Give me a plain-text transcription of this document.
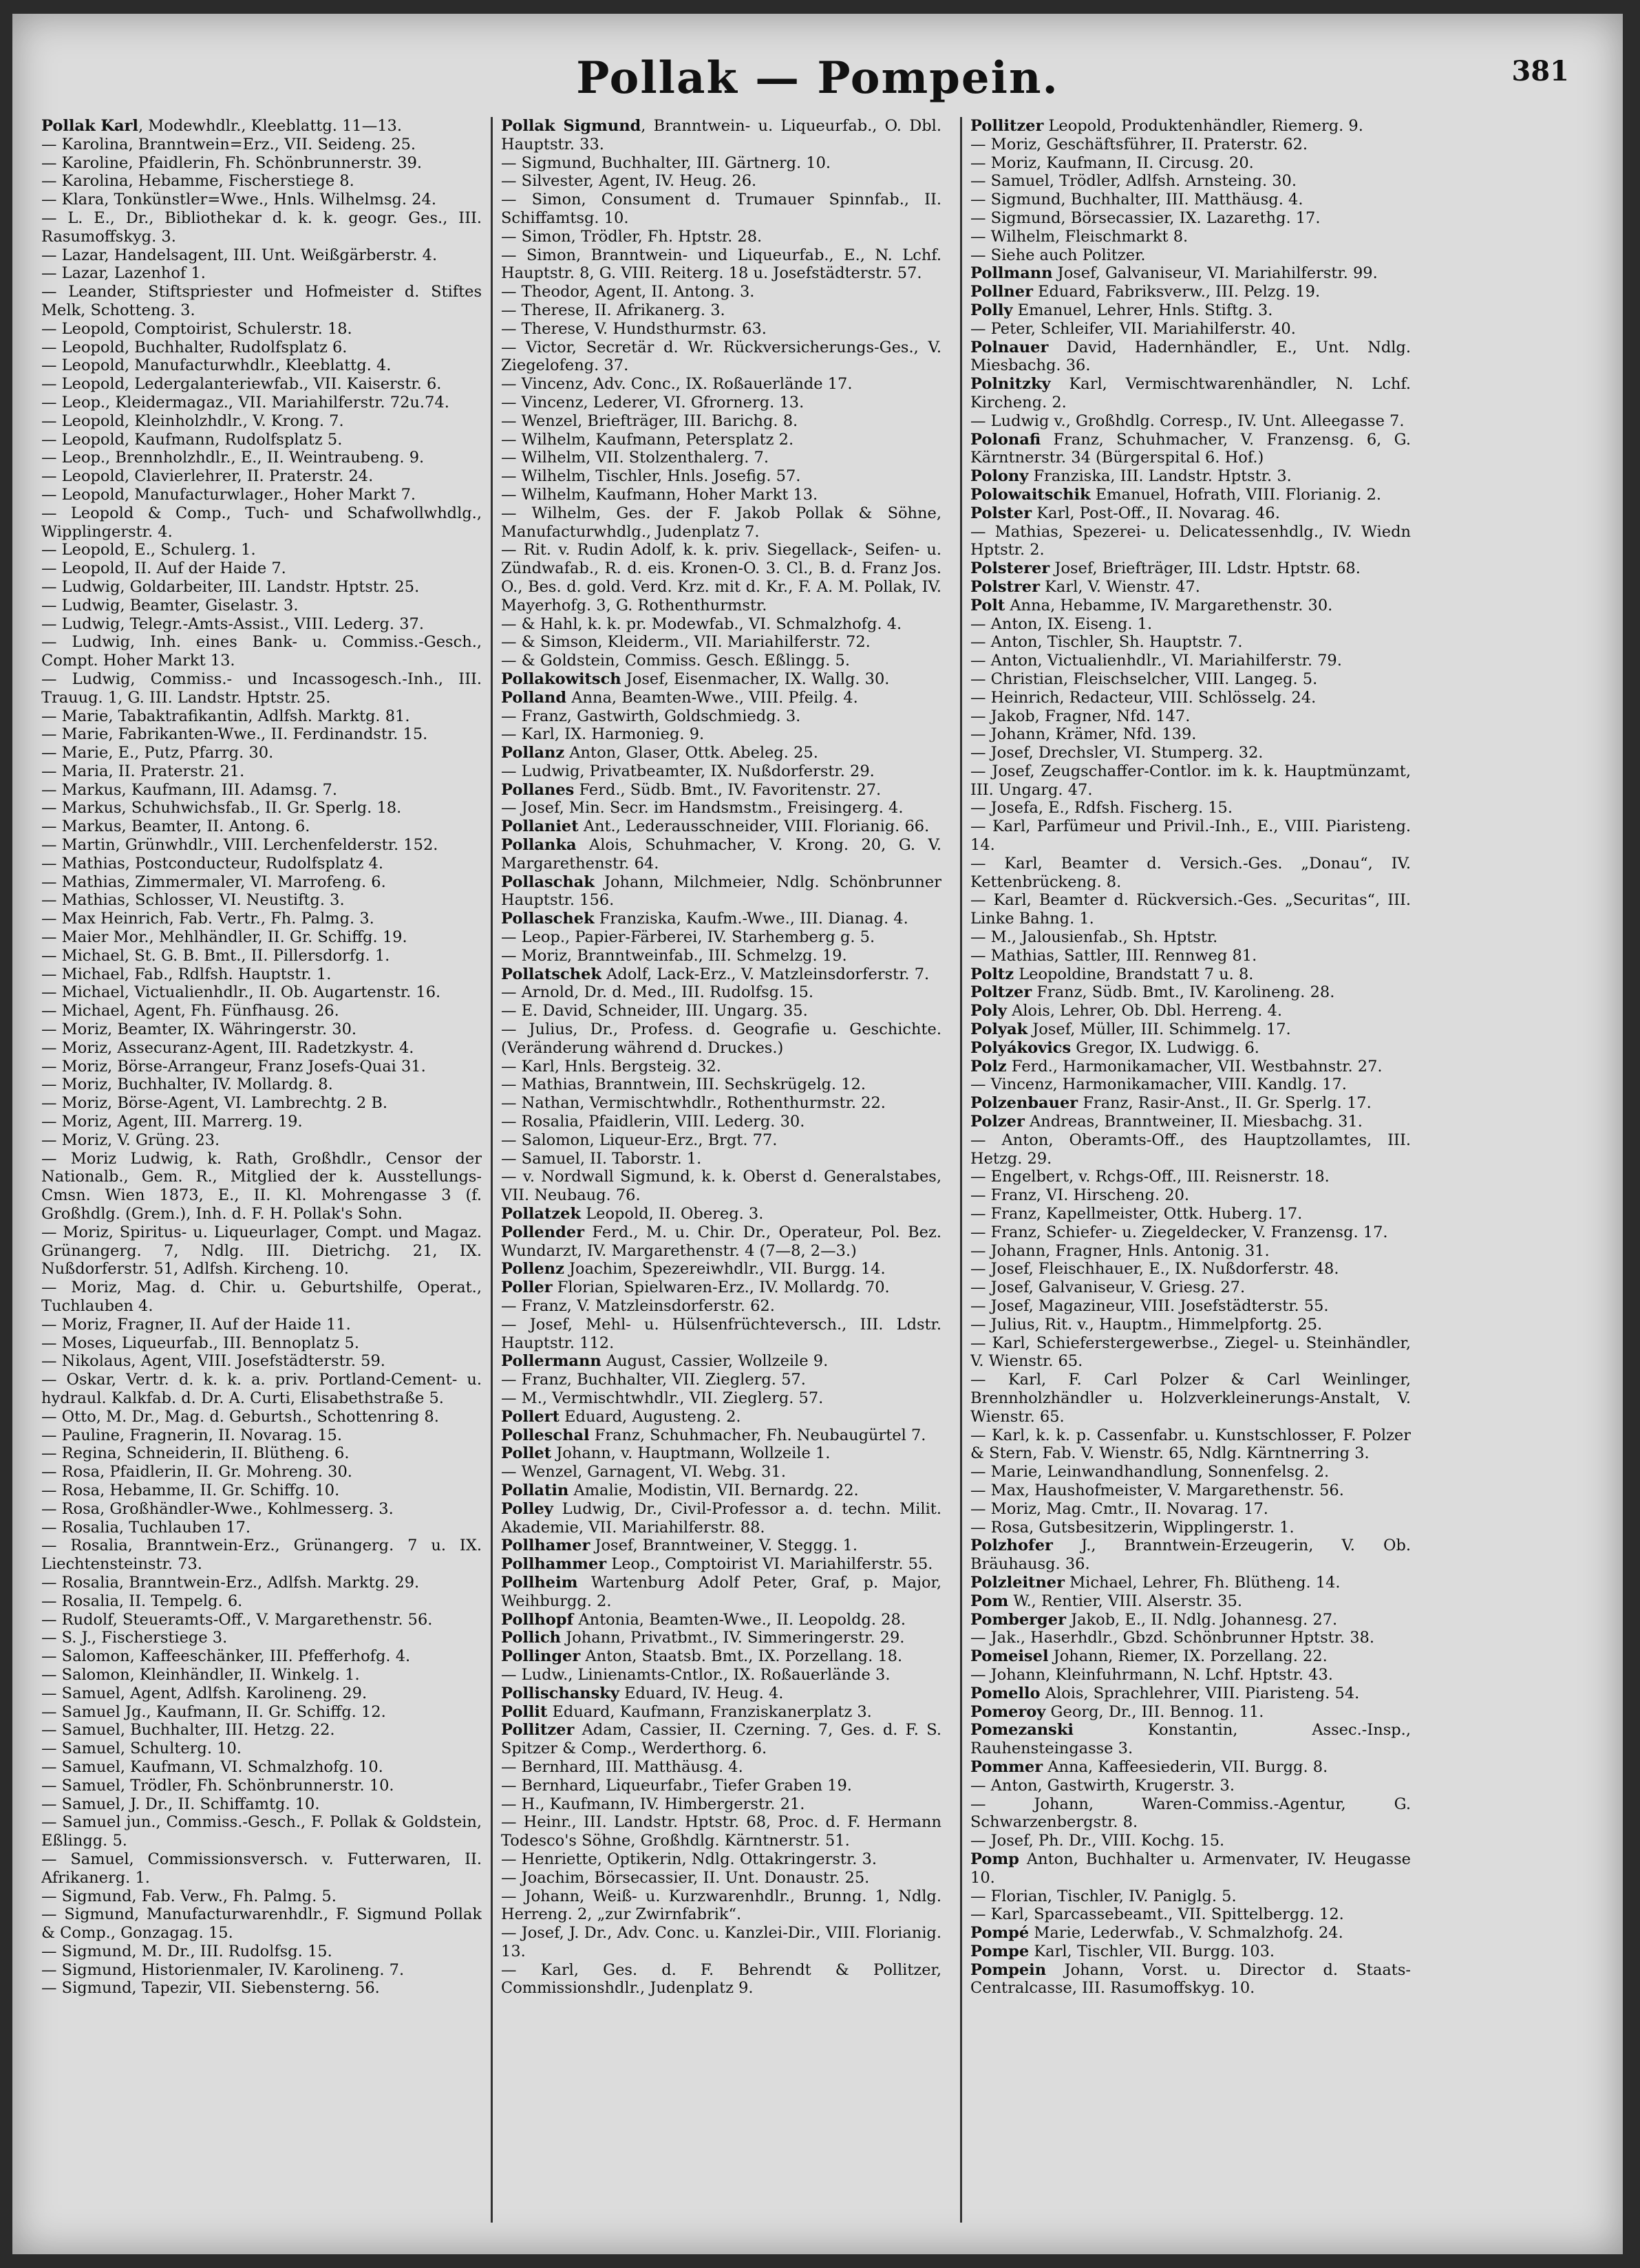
Pollak — Pompein.	381
Pollak Karl, Modewhdlr., Kleeblattg. 11—13.
— Karolina, Branntwein=Erz., VII. Seideng. 25.
— Karoline, Pfaidlerin, Fh. Schönbrunnerstr. 39.
— Karolina, Hebamme, Fischerstiege 8.
— Klara, Tonkünstler=Wwe., Hnls. Wilhelmsg. 24.
— L. E., Dr., Bibliothekar d. k. k. geogr. Ges., III. Rasumoffskyg. 3.
— Lazar, Handelsagent, III. Unt. Weißgärberstr. 4.
— Lazar, Lazenhof 1.
— Leander, Stiftspriester und Hofmeister d. Stiftes Melk, Schotteng. 3.
— Leopold, Comptoirist, Schulerstr. 18.
— Leopold, Buchhalter, Rudolfsplatz 6.
— Leopold, Manufacturwhdlr., Kleeblattg. 4.
— Leopold, Ledergalanteriewfab., VII. Kaiserstr. 6.
— Leop., Kleidermagaz., VII. Mariahilferstr. 72u.74.
— Leopold, Kleinholzhdlr., V. Krong. 7.
— Leopold, Kaufmann, Rudolfsplatz 5.
— Leop., Brennholzhdlr., E., II. Weintraubeng. 9.
— Leopold, Clavierlehrer, II. Praterstr. 24.
— Leopold, Manufacturwlager., Hoher Markt 7.
— Leopold & Comp., Tuch- und Schafwollwhdlg., Wipplingerstr. 4.
— Leopold, E., Schulerg. 1.
— Leopold, II. Auf der Haide 7.
— Ludwig, Goldarbeiter, III. Landstr. Hptstr. 25.
— Ludwig, Beamter, Giselastr. 3.
— Ludwig, Telegr.-Amts-Assist., VIII. Lederg. 37.
— Ludwig, Inh. eines Bank- u. Commiss.-Gesch., Compt. Hoher Markt 13.
— Ludwig, Commiss.- und Incassogesch.-Inh., III. Trauug. 1, G. III. Landstr. Hptstr. 25.
— Marie, Tabaktrafikantin, Adlfsh. Marktg. 81.
— Marie, Fabrikanten-Wwe., II. Ferdinandstr. 15.
— Marie, E., Putz, Pfarrg. 30.
— Maria, II. Praterstr. 21.
— Markus, Kaufmann, III. Adamsg. 7.
— Markus, Schuhwichsfab., II. Gr. Sperlg. 18.
— Markus, Beamter, II. Antong. 6.
— Martin, Grünwhdlr., VIII. Lerchenfelderstr. 152.
— Mathias, Postconducteur, Rudolfsplatz 4.
— Mathias, Zimmermaler, VI. Marrofeng. 6.
— Mathias, Schlosser, VI. Neustiftg. 3.
— Max Heinrich, Fab. Vertr., Fh. Palmg. 3.
— Maier Mor., Mehlhändler, II. Gr. Schiffg. 19.
— Michael, St. G. B. Bmt., II. Pillersdorfg. 1.
— Michael, Fab., Rdlfsh. Hauptstr. 1.
— Michael, Victualienhdlr., II. Ob. Augartenstr. 16.
— Michael, Agent, Fh. Fünfhausg. 26.
— Moriz, Beamter, IX. Währingerstr. 30.
— Moriz, Assecuranz-Agent, III. Radetzkystr. 4.
— Moriz, Börse-Arrangeur, Franz Josefs-Quai 31.
— Moriz, Buchhalter, IV. Mollardg. 8.
— Moriz, Börse-Agent, VI. Lambrechtg. 2 B.
— Moriz, Agent, III. Marrerg. 19.
— Moriz, V. Grüng. 23.
— Moriz Ludwig, k. Rath, Großhdlr., Censor der Nationalb., Gem. R., Mitglied der k. Ausstellungs-Cmsn. Wien 1873, E., II. Kl. Mohrengasse 3 (f. Großhdlg. (Grem.), Inh. d. F. H. Pollak's Sohn.
— Moriz, Spiritus- u. Liqueurlager, Compt. und Magaz. Grünangerg. 7, Ndlg. III. Dietrichg. 21, IX. Nußdorferstr. 51, Adlfsh. Kircheng. 10.
— Moriz, Mag. d. Chir. u. Geburtshilfe, Operat., Tuchlauben 4.
— Moriz, Fragner, II. Auf der Haide 11.
— Moses, Liqueurfab., III. Bennoplatz 5.
— Nikolaus, Agent, VIII. Josefstädterstr. 59.
— Oskar, Vertr. d. k. k. a. priv. Portland-Cement- u. hydraul. Kalkfab. d. Dr. A. Curti, Elisabethstraße 5.
— Otto, M. Dr., Mag. d. Geburtsh., Schottenring 8.
— Pauline, Fragnerin, II. Novarag. 15.
— Regina, Schneiderin, II. Blütheng. 6.
— Rosa, Pfaidlerin, II. Gr. Mohreng. 30.
— Rosa, Hebamme, II. Gr. Schiffg. 10.
— Rosa, Großhändler-Wwe., Kohlmesserg. 3.
— Rosalia, Tuchlauben 17.
— Rosalia, Branntwein-Erz., Grünangerg. 7 u. IX. Liechtensteinstr. 73.
— Rosalia, Branntwein-Erz., Adlfsh. Marktg. 29.
— Rosalia, II. Tempelg. 6.
— Rudolf, Steueramts-Off., V. Margarethenstr. 56.
— S. J., Fischerstiege 3.
— Salomon, Kaffeeschänker, III. Pfefferhofg. 4.
— Salomon, Kleinhändler, II. Winkelg. 1.
— Samuel, Agent, Adlfsh. Karolineng. 29.
— Samuel Jg., Kaufmann, II. Gr. Schiffg. 12.
— Samuel, Buchhalter, III. Hetzg. 22.
— Samuel, Schulterg. 10.
— Samuel, Kaufmann, VI. Schmalzhofg. 10.
— Samuel, Trödler, Fh. Schönbrunnerstr. 10.
— Samuel, J. Dr., II. Schiffamtg. 10.
— Samuel jun., Commiss.-Gesch., F. Pollak & Goldstein, Eßlingg. 5.
— Samuel, Commissionsversch. v. Futterwaren, II. Afrikanerg. 1.
— Sigmund, Fab. Verw., Fh. Palmg. 5.
— Sigmund, Manufacturwarenhdlr., F. Sigmund Pollak & Comp., Gonzagag. 15.
— Sigmund, M. Dr., III. Rudolfsg. 15.
— Sigmund, Historienmaler, IV. Karolineng. 7.
— Sigmund, Tapezir, VII. Siebensterng. 56.
Pollak Sigmund, Branntwein- u. Liqueurfab., O. Dbl. Hauptstr. 33.
— Sigmund, Buchhalter, III. Gärtnerg. 10.
— Silvester, Agent, IV. Heug. 26.
— Simon, Consument d. Trumauer Spinnfab., II. Schiffamtsg. 10.
— Simon, Trödler, Fh. Hptstr. 28.
— Simon, Branntwein- und Liqueurfab., E., N. Lchf. Hauptstr. 8, G. VIII. Reiterg. 18 u. Josefstädterstr. 57.
— Theodor, Agent, II. Antong. 3.
— Therese, II. Afrikanerg. 3.
— Therese, V. Hundsthurmstr. 63.
— Victor, Secretär d. Wr. Rückversicherungs-Ges., V. Ziegelofeng. 37.
— Vincenz, Adv. Conc., IX. Roßauerlände 17.
— Vincenz, Lederer, VI. Gfrornerg. 13.
— Wenzel, Briefträger, III. Barichg. 8.
— Wilhelm, Kaufmann, Petersplatz 2.
— Wilhelm, VII. Stolzenthalerg. 7.
— Wilhelm, Tischler, Hnls. Josefig. 57.
— Wilhelm, Kaufmann, Hoher Markt 13.
— Wilhelm, Ges. der F. Jakob Pollak & Söhne, Manufacturwhdlg., Judenplatz 7.
— Rit. v. Rudin Adolf, k. k. priv. Siegellack-, Seifen- u. Zündwafab., R. d. eis. Kronen-O. 3. Cl., B. d. Franz Jos. O., Bes. d. gold. Verd. Krz. mit d. Kr., F. A. M. Pollak, IV. Mayerhofg. 3, G. Rothenthurmstr.
— & Hahl, k. k. pr. Modewfab., VI. Schmalzhofg. 4.
— & Simson, Kleiderm., VII. Mariahilferstr. 72.
— & Goldstein, Commiss. Gesch. Eßlingg. 5.
Pollakowitsch Josef, Eisenmacher, IX. Wallg. 30.
Polland Anna, Beamten-Wwe., VIII. Pfeilg. 4.
— Franz, Gastwirth, Goldschmiedg. 3.
— Karl, IX. Harmonieg. 9.
Pollanz Anton, Glaser, Ottk. Abeleg. 25.
— Ludwig, Privatbeamter, IX. Nußdorferstr. 29.
Pollanes Ferd., Südb. Bmt., IV. Favoritenstr. 27.
— Josef, Min. Secr. im Handsmstm., Freisingerg. 4.
Pollaniet Ant., Lederausschneider, VIII. Florianig. 66.
Pollanka Alois, Schuhmacher, V. Krong. 20, G. V. Margarethenstr. 64.
Pollaschak Johann, Milchmeier, Ndlg. Schönbrunner Hauptstr. 156.
Pollaschek Franziska, Kaufm.-Wwe., III. Dianag. 4.
— Leop., Papier-Färberei, IV. Starhemberg g. 5.
— Moriz, Branntweinfab., III. Schmelzg. 19.
Pollatschek Adolf, Lack-Erz., V. Matzleinsdorferstr. 7.
— Arnold, Dr. d. Med., III. Rudolfsg. 15.
— E. David, Schneider, III. Ungarg. 35.
— Julius, Dr., Profess. d. Geografie u. Geschichte. (Veränderung während d. Druckes.)
— Karl, Hnls. Bergsteig. 32.
— Mathias, Branntwein, III. Sechskrügelg. 12.
— Nathan, Vermischtwhdlr., Rothenthurmstr. 22.
— Rosalia, Pfaidlerin, VIII. Lederg. 30.
— Salomon, Liqueur-Erz., Brgt. 77.
— Samuel, II. Taborstr. 1.
— v. Nordwall Sigmund, k. k. Oberst d. Generalstabes, VII. Neubaug. 76.
Pollatzek Leopold, II. Obereg. 3.
Pollender Ferd., M. u. Chir. Dr., Operateur, Pol. Bez. Wundarzt, IV. Margarethenstr. 4 (7—8, 2—3.)
Pollenz Joachim, Spezereiwhdlr., VII. Burgg. 14.
Poller Florian, Spielwaren-Erz., IV. Mollardg. 70.
— Franz, V. Matzleinsdorferstr. 62.
— Josef, Mehl- u. Hülsenfrüchteversch., III. Ldstr. Hauptstr. 112.
Pollermann August, Cassier, Wollzeile 9.
— Franz, Buchhalter, VII. Zieglerg. 57.
— M., Vermischtwhdlr., VII. Zieglerg. 57.
Pollert Eduard, Augusteng. 2.
Polleschal Franz, Schuhmacher, Fh. Neubaugürtel 7.
Pollet Johann, v. Hauptmann, Wollzeile 1.
— Wenzel, Garnagent, VI. Webg. 31.
Pollatin Amalie, Modistin, VII. Bernardg. 22.
Polley Ludwig, Dr., Civil-Professor a. d. techn. Milit. Akademie, VII. Mariahilferstr. 88.
Pollhamer Josef, Branntweiner, V. Steggg. 1.
Pollhammer Leop., Comptoirist VI. Mariahilferstr. 55.
Pollheim Wartenburg Adolf Peter, Graf, p. Major, Weihburgg. 2.
Pollhopf Antonia, Beamten-Wwe., II. Leopoldg. 28.
Pollich Johann, Privatbmt., IV. Simmeringerstr. 29.
Pollinger Anton, Staatsb. Bmt., IX. Porzellang. 18.
— Ludw., Linienamts-Cntlor., IX. Roßauerlände 3.
Pollischansky Eduard, IV. Heug. 4.
Pollit Eduard, Kaufmann, Franziskanerplatz 3.
Pollitzer Adam, Cassier, II. Czerning. 7, Ges. d. F. S. Spitzer & Comp., Werderthorg. 6.
— Bernhard, III. Matthäusg. 4.
— Bernhard, Liqueurfabr., Tiefer Graben 19.
— H., Kaufmann, IV. Himbergerstr. 21.
— Heinr., III. Landstr. Hptstr. 68, Proc. d. F. Hermann Todesco's Söhne, Großhdlg. Kärntnerstr. 51.
— Henriette, Optikerin, Ndlg. Ottakringerstr. 3.
— Joachim, Börsecassier, II. Unt. Donaustr. 25.
— Johann, Weiß- u. Kurzwarenhdlr., Brunng. 1, Ndlg. Herreng. 2, „zur Zwirnfabrik“.
— Josef, J. Dr., Adv. Conc. u. Kanzlei-Dir., VIII. Florianig. 13.
— Karl, Ges. d. F. Behrendt & Pollitzer, Commissionshdlr., Judenplatz 9.
Pollitzer Leopold, Produktenhändler, Riemerg. 9.
— Moriz, Geschäftsführer, II. Praterstr. 62.
— Moriz, Kaufmann, II. Circusg. 20.
— Samuel, Trödler, Adlfsh. Arnsteing. 30.
— Sigmund, Buchhalter, III. Matthäusg. 4.
— Sigmund, Börsecassier, IX. Lazarethg. 17.
— Wilhelm, Fleischmarkt 8.
— Siehe auch Politzer.
Pollmann Josef, Galvaniseur, VI. Mariahilferstr. 99.
Pollner Eduard, Fabriksverw., III. Pelzg. 19.
Polly Emanuel, Lehrer, Hnls. Stiftg. 3.
— Peter, Schleifer, VII. Mariahilferstr. 40.
Polnauer David, Hadernhändler, E., Unt. Ndlg. Miesbachg. 36.
Polnitzky Karl, Vermischtwarenhändler, N. Lchf. Kircheng. 2.
— Ludwig v., Großhdlg. Corresp., IV. Unt. Alleegasse 7.
Polonafi Franz, Schuhmacher, V. Franzensg. 6, G. Kärntnerstr. 34 (Bürgerspital 6. Hof.)
Polony Franziska, III. Landstr. Hptstr. 3.
Polowaitschik Emanuel, Hofrath, VIII. Florianig. 2.
Polster Karl, Post-Off., II. Novarag. 46.
— Mathias, Spezerei- u. Delicatessenhdlg., IV. Wiedn Hptstr. 2.
Polsterer Josef, Briefträger, III. Ldstr. Hptstr. 68.
Polstrer Karl, V. Wienstr. 47.
Polt Anna, Hebamme, IV. Margarethenstr. 30.
— Anton, IX. Eiseng. 1.
— Anton, Tischler, Sh. Hauptstr. 7.
— Anton, Victualienhdlr., VI. Mariahilferstr. 79.
— Christian, Fleischselcher, VIII. Langeg. 5.
— Heinrich, Redacteur, VIII. Schlösselg. 24.
— Jakob, Fragner, Nfd. 147.
— Johann, Krämer, Nfd. 139.
— Josef, Drechsler, VI. Stumperg. 32.
— Josef, Zeugschaffer-Contlor. im k. k. Hauptmünzamt, III. Ungarg. 47.
— Josefa, E., Rdfsh. Fischerg. 15.
— Karl, Parfümeur und Privil.-Inh., E., VIII. Piaristeng. 14.
— Karl, Beamter d. Versich.-Ges. „Donau“, IV. Kettenbrückeng. 8.
— Karl, Beamter d. Rückversich.-Ges. „Securitas“, III. Linke Bahng. 1.
— M., Jalousienfab., Sh. Hptstr.
— Mathias, Sattler, III. Rennweg 81.
Poltz Leopoldine, Brandstatt 7 u. 8.
Poltzer Franz, Südb. Bmt., IV. Karolineng. 28.
Poly Alois, Lehrer, Ob. Dbl. Herreng. 4.
Polyak Josef, Müller, III. Schimmelg. 17.
Polyákovics Gregor, IX. Ludwigg. 6.
Polz Ferd., Harmonikamacher, VII. Westbahnstr. 27.
— Vincenz, Harmonikamacher, VIII. Kandlg. 17.
Polzenbauer Franz, Rasir-Anst., II. Gr. Sperlg. 17.
Polzer Andreas, Branntweiner, II. Miesbachg. 31.
— Anton, Oberamts-Off., des Hauptzollamtes, III. Hetzg. 29.
— Engelbert, v. Rchgs-Off., III. Reisnerstr. 18.
— Franz, VI. Hirscheng. 20.
— Franz, Kapellmeister, Ottk. Huberg. 17.
— Franz, Schiefer- u. Ziegeldecker, V. Franzensg. 17.
— Johann, Fragner, Hnls. Antonig. 31.
— Josef, Fleischhauer, E., IX. Nußdorferstr. 48.
— Josef, Galvaniseur, V. Griesg. 27.
— Josef, Magazineur, VIII. Josefstädterstr. 55.
— Julius, Rit. v., Hauptm., Himmelpfortg. 25.
— Karl, Schieferstergewerbse., Ziegel- u. Steinhändler, V. Wienstr. 65.
— Karl, F. Carl Polzer & Carl Weinlinger, Brennholzhändler u. Holzverkleinerungs-Anstalt, V. Wienstr. 65.
— Karl, k. k. p. Cassenfabr. u. Kunstschlosser, F. Polzer & Stern, Fab. V. Wienstr. 65, Ndlg. Kärntnerring 3.
— Marie, Leinwandhandlung, Sonnenfelsg. 2.
— Max, Haushofmeister, V. Margarethenstr. 56.
— Moriz, Mag. Cmtr., II. Novarag. 17.
— Rosa, Gutsbesitzerin, Wipplingerstr. 1.
Polzhofer J., Branntwein-Erzeugerin, V. Ob. Bräuhausg. 36.
Polzleitner Michael, Lehrer, Fh. Blütheng. 14.
Pom W., Rentier, VIII. Alserstr. 35.
Pomberger Jakob, E., II. Ndlg. Johannesg. 27.
— Jak., Haserhdlr., Gbzd. Schönbrunner Hptstr. 38.
Pomeisel Johann, Riemer, IX. Porzellang. 22.
— Johann, Kleinfuhrmann, N. Lchf. Hptstr. 43.
Pomello Alois, Sprachlehrer, VIII. Piaristeng. 54.
Pomeroy Georg, Dr., III. Bennog. 11.
Pomezanski Konstantin, Assec.-Insp., Rauhensteingasse 3.
Pommer Anna, Kaffeesiederin, VII. Burgg. 8.
— Anton, Gastwirth, Krugerstr. 3.
— Johann, Waren-Commiss.-Agentur, G. Schwarzenbergstr. 8.
— Josef, Ph. Dr., VIII. Kochg. 15.
Pomp Anton, Buchhalter u. Armenvater, IV. Heugasse 10.
— Florian, Tischler, IV. Paniglg. 5.
— Karl, Sparcassebeamt., VII. Spittelbergg. 12.
Pompé Marie, Lederwfab., V. Schmalzhofg. 24.
Pompe Karl, Tischler, VII. Burgg. 103.
Pompein Johann, Vorst. u. Director d. Staats-Centralcasse, III. Rasumoffskyg. 10.
